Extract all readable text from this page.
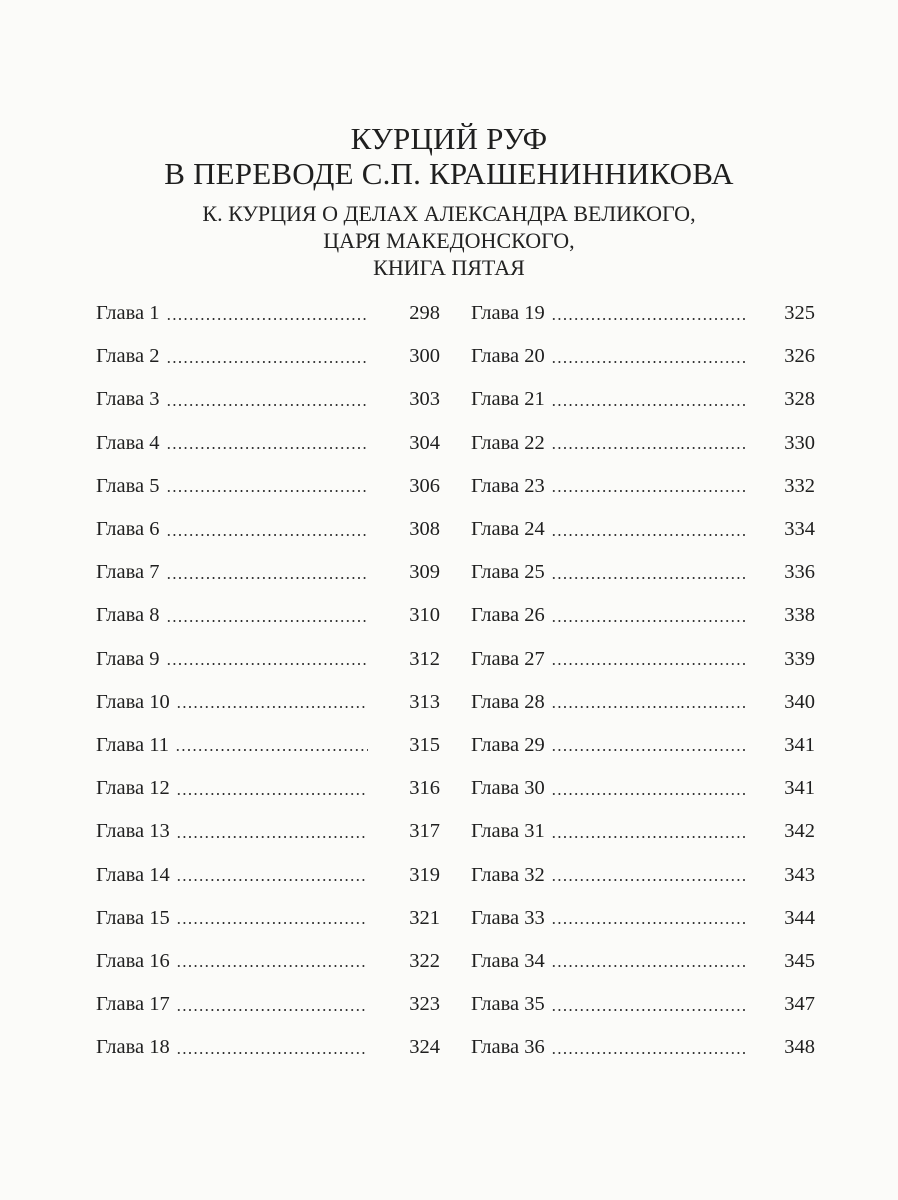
КУРЦИЙ РУФ
В ПЕРЕВОДЕ С.П. КРАШЕНИННИКОВА
К. КУРЦИЯ О ДЕЛАХ АЛЕКСАНДРА ВЕЛИКОГО,
ЦАРЯ МАКЕДОНСКОГО,
КНИГА ПЯТАЯ
Глава 1	298
Глава 2	300
Глава 3	303
Глава 4	304
Глава 5	306
Глава 6	308
Глава 7	309
Глава 8	310
Глава 9	312
Глава 10	313
Глава 11	315
Глава 12	316
Глава 13	317
Глава 14	319
Глава 15	321
Глава 16	322
Глава 17	323
Глава 18	324
Глава 19	325
Глава 20	326
Глава 21	328
Глава 22	330
Глава 23	332
Глава 24	334
Глава 25	336
Глава 26	338
Глава 27	339
Глава 28	340
Глава 29	341
Глава 30	341
Глава 31	342
Глава 32	343
Глава 33	344
Глава 34	345
Глава 35	347
Глава 36	348
